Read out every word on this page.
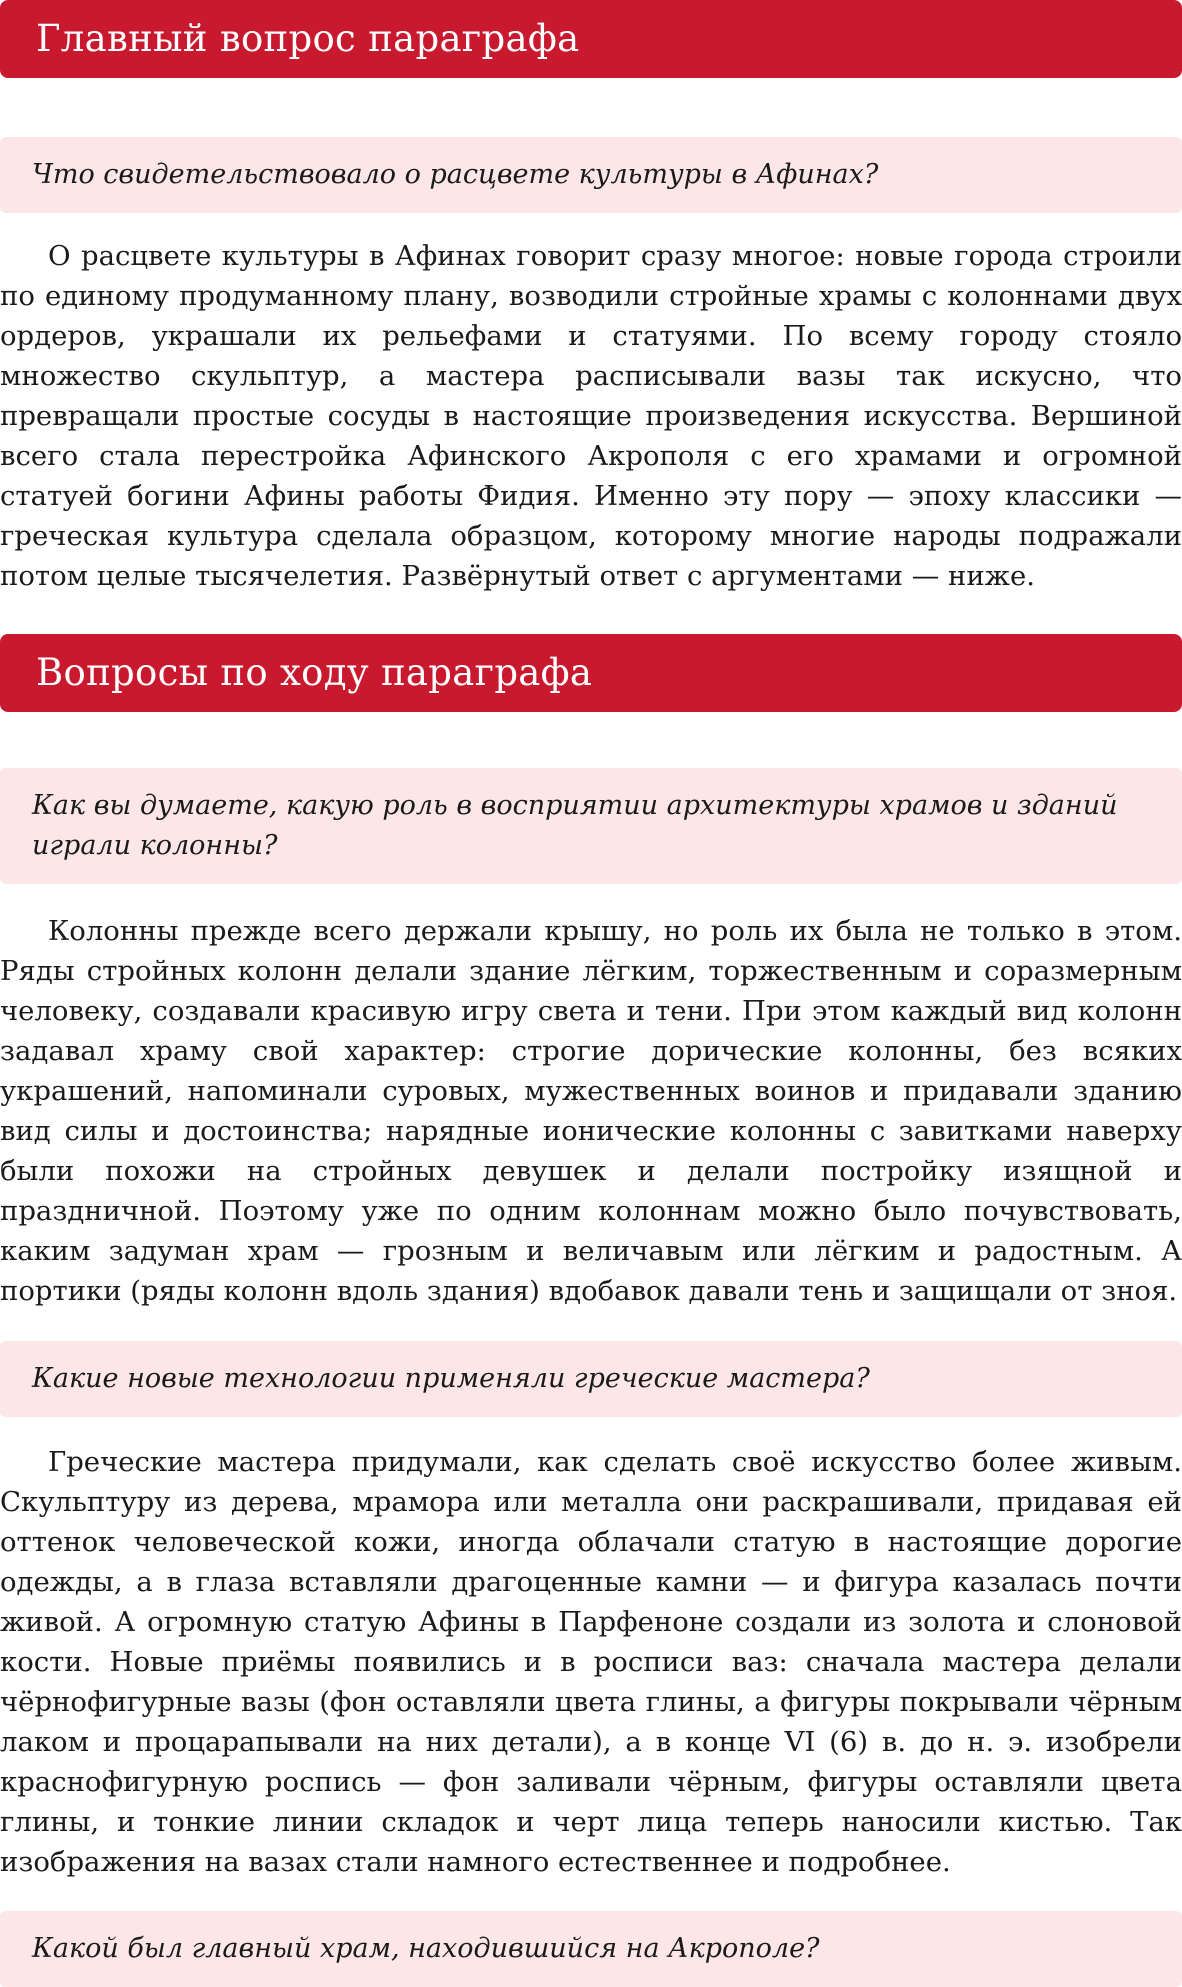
Главный вопрос параграфа
Что свидетельствовало о расцвете культуры в Афинах?

О расцвете культуры в Афинах говорит сразу многое: новые города строили по единому продуманному плану, возводили стройные храмы с колоннами двух ордеров, украшали их рельефами и статуями. По всему городу стояло множество скульптур, а мастера расписывали вазы так искусно, что превращали простые сосуды в настоящие произведения искусства. Вершиной всего стала перестройка Афинского Акрополя с его храмами и огромной статуей богини Афины работы Фидия. Именно эту пору — эпоху классики — греческая культура сделала образцом, которому многие народы подражали потом целые тысячелетия. Развёрнутый ответ с аргументами — ниже.

Вопросы по ходу параграфа
Как вы думаете, какую роль в восприятии архитектуры храмов и зданий играли колонны?

Колонны прежде всего держали крышу, но роль их была не только в этом. Ряды стройных колонн делали здание лёгким, торжественным и соразмерным человеку, создавали красивую игру света и тени. При этом каждый вид колонн задавал храму свой характер: строгие дорические колонны, без всяких украшений, напоминали суровых, мужественных воинов и придавали зданию вид силы и достоинства; нарядные ионические колонны с завитками наверху были похожи на стройных девушек и делали постройку изящной и праздничной. Поэтому уже по одним колоннам можно было почувствовать, каким задуман храм — грозным и величавым или лёгким и радостным. А портики (ряды колонн вдоль здания) вдобавок давали тень и защищали от зноя.

Какие новые технологии применяли греческие мастера?

Греческие мастера придумали, как сделать своё искусство более живым. Скульптуру из дерева, мрамора или металла они раскрашивали, придавая ей оттенок человеческой кожи, иногда облачали статую в настоящие дорогие одежды, а в глаза вставляли драгоценные камни — и фигура казалась почти живой. А огромную статую Афины в Парфеноне создали из золота и слоновой кости. Новые приёмы появились и в росписи ваз: сначала мастера делали чёрнофигурные вазы (фон оставляли цвета глины, а фигуры покрывали чёрным лаком и процарапывали на них детали), а в конце VI (6) в. до н. э. изобрели краснофигурную роспись — фон заливали чёрным, фигуры оставляли цвета глины, и тонкие линии складок и черт лица теперь наносили кистью. Так изображения на вазах стали намного естественнее и подробнее.

Какой был главный храм, находившийся на Акрополе?
